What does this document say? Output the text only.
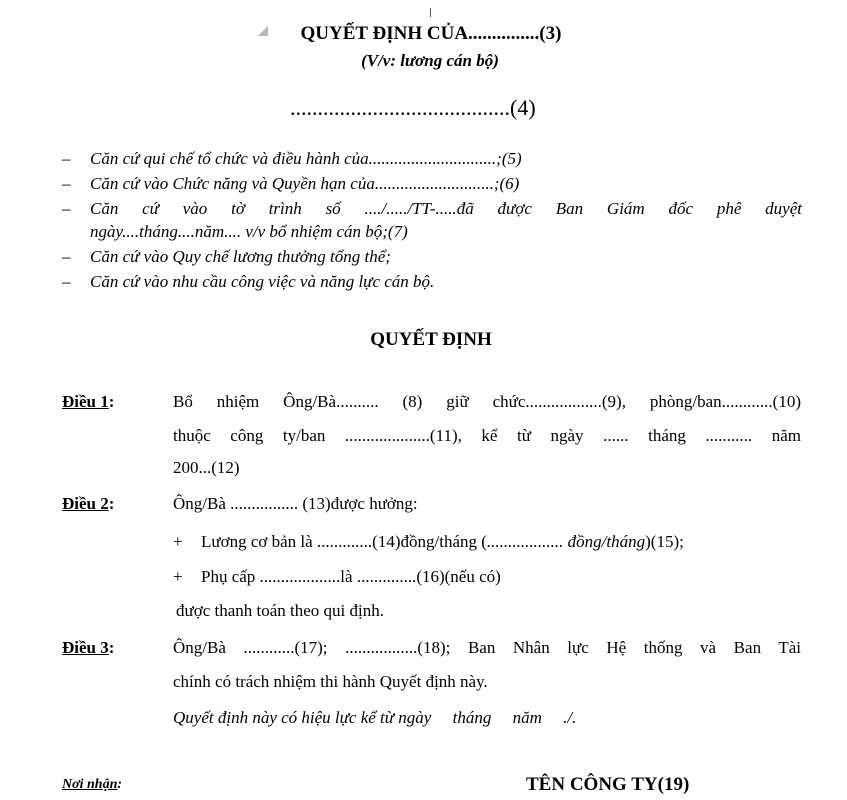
QUYẾT ĐỊNH CỦA...............(3)
(V/v: lương cán bộ)
........................................(4)
– Căn cứ qui chế tổ chức và điều hành của..............................;(5)
– Căn cứ vào Chức năng và Quyền hạn của............................;(6)
– Căn cứ vào tờ trình số ..../...../TT-.....đã được Ban Giám đốc phê duyệt
ngày....tháng....năm.... v/v bổ nhiệm cán bộ;(7)
– Căn cứ vào Quy chế lương thưởng tổng thể;
– Căn cứ vào nhu cầu công việc và năng lực cán bộ.
QUYẾT ĐỊNH
Điều 1:	Bổ nhiệm Ông/Bà.......... (8) giữ chức..................(9), phòng/ban............(10)
thuộc công ty/ban ....................(11), kể từ ngày ...... tháng ........... năm
200...(12)
Điều 2:	Ông/Bà ................ (13)được hưởng:
+ Lương cơ bản là .............(14)đồng/tháng (.................. đồng/tháng)(15);
+ Phụ cấp ...................là ..............(16)(nếu có)
được thanh toán theo qui định.
Điều 3:	Ông/Bà ............(17); .................(18); Ban Nhân lực Hệ thống và Ban Tài
chính có trách nhiệm thi hành Quyết định này.
Quyết định này có hiệu lực kể từ ngày     tháng     năm     ./.
Nơi nhận:	TÊN CÔNG TY(19)
